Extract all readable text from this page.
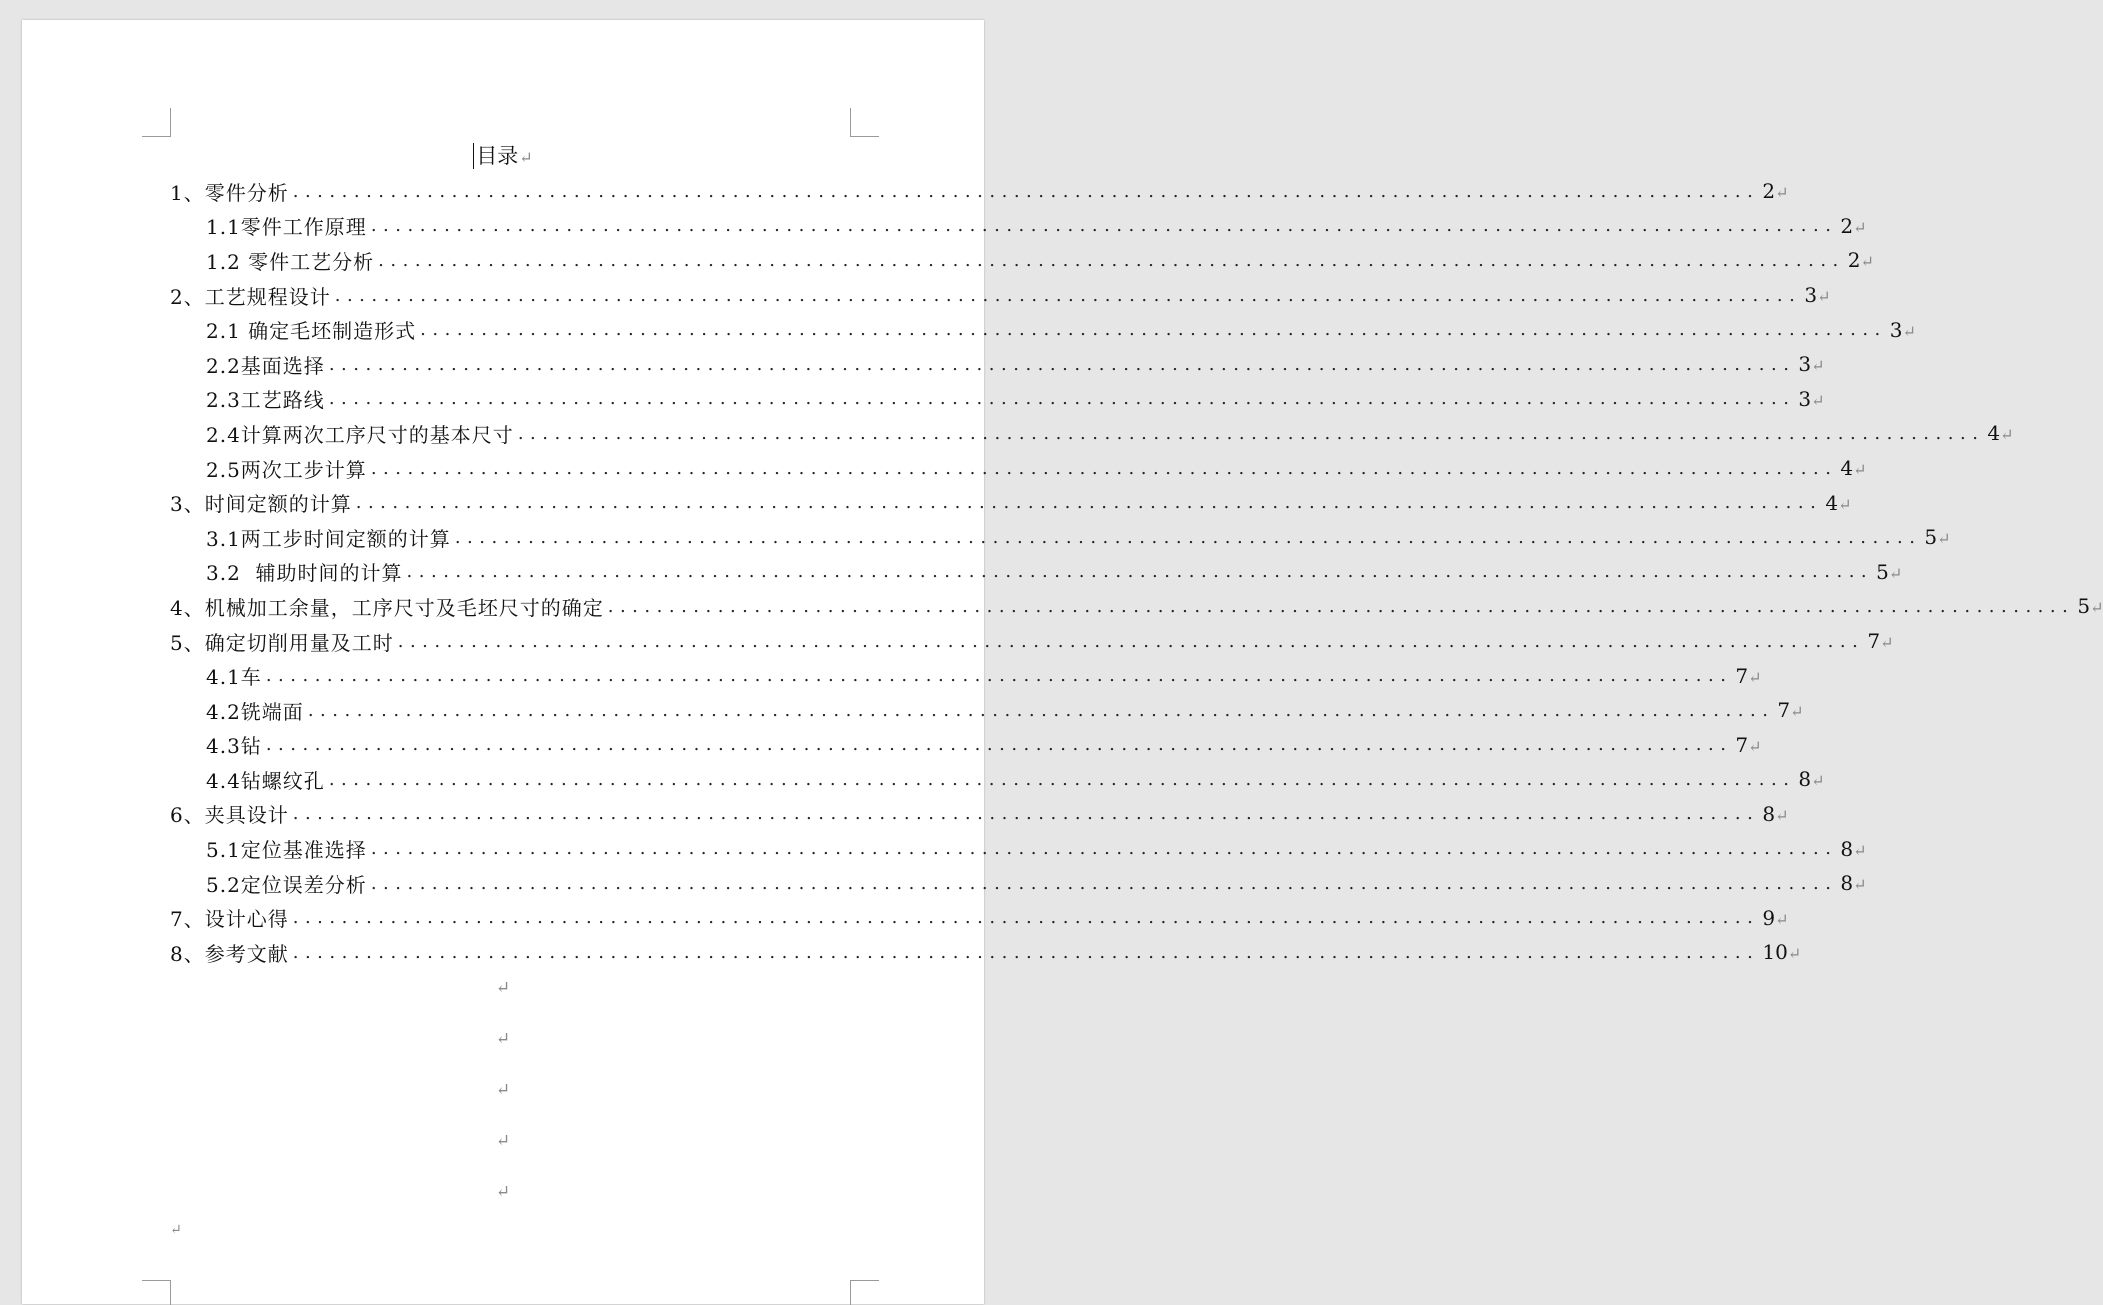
目录↵
1、零件分析 ........................................................................................................................ 2↵
1.1零件工作原理 ........................................................................................................................ 2↵
1.2 零件工艺分析 ........................................................................................................................ 2↵
2、工艺规程设计 ........................................................................................................................ 3↵
2.1 确定毛坯制造形式 ........................................................................................................................ 3↵
2.2基面选择 ........................................................................................................................ 3↵
2.3工艺路线 ........................................................................................................................ 3↵
2.4计算两次工序尺寸的基本尺寸 ........................................................................................................................ 4↵
2.5两次工步计算 ........................................................................................................................ 4↵
3、时间定额的计算 ........................................................................................................................ 4↵
3.1两工步时间定额的计算 ........................................................................................................................ 5↵
3.2  辅助时间的计算 ........................................................................................................................ 5↵
4、机械加工余量，工序尺寸及毛坯尺寸的确定 ........................................................................................................................ 5↵
5、确定切削用量及工时 ........................................................................................................................ 7↵
4.1车 ........................................................................................................................ 7↵
4.2铣端面 ........................................................................................................................ 7↵
4.3钻 ........................................................................................................................ 7↵
4.4钻螺纹孔 ........................................................................................................................ 8↵
6、夹具设计 ........................................................................................................................ 8↵
5.1定位基准选择 ........................................................................................................................ 8↵
5.2定位误差分析 ........................................................................................................................ 8↵
7、设计心得 ........................................................................................................................ 9↵
8、参考文献 ........................................................................................................................ 10↵
↵
↵
↵
↵
↵
↵
